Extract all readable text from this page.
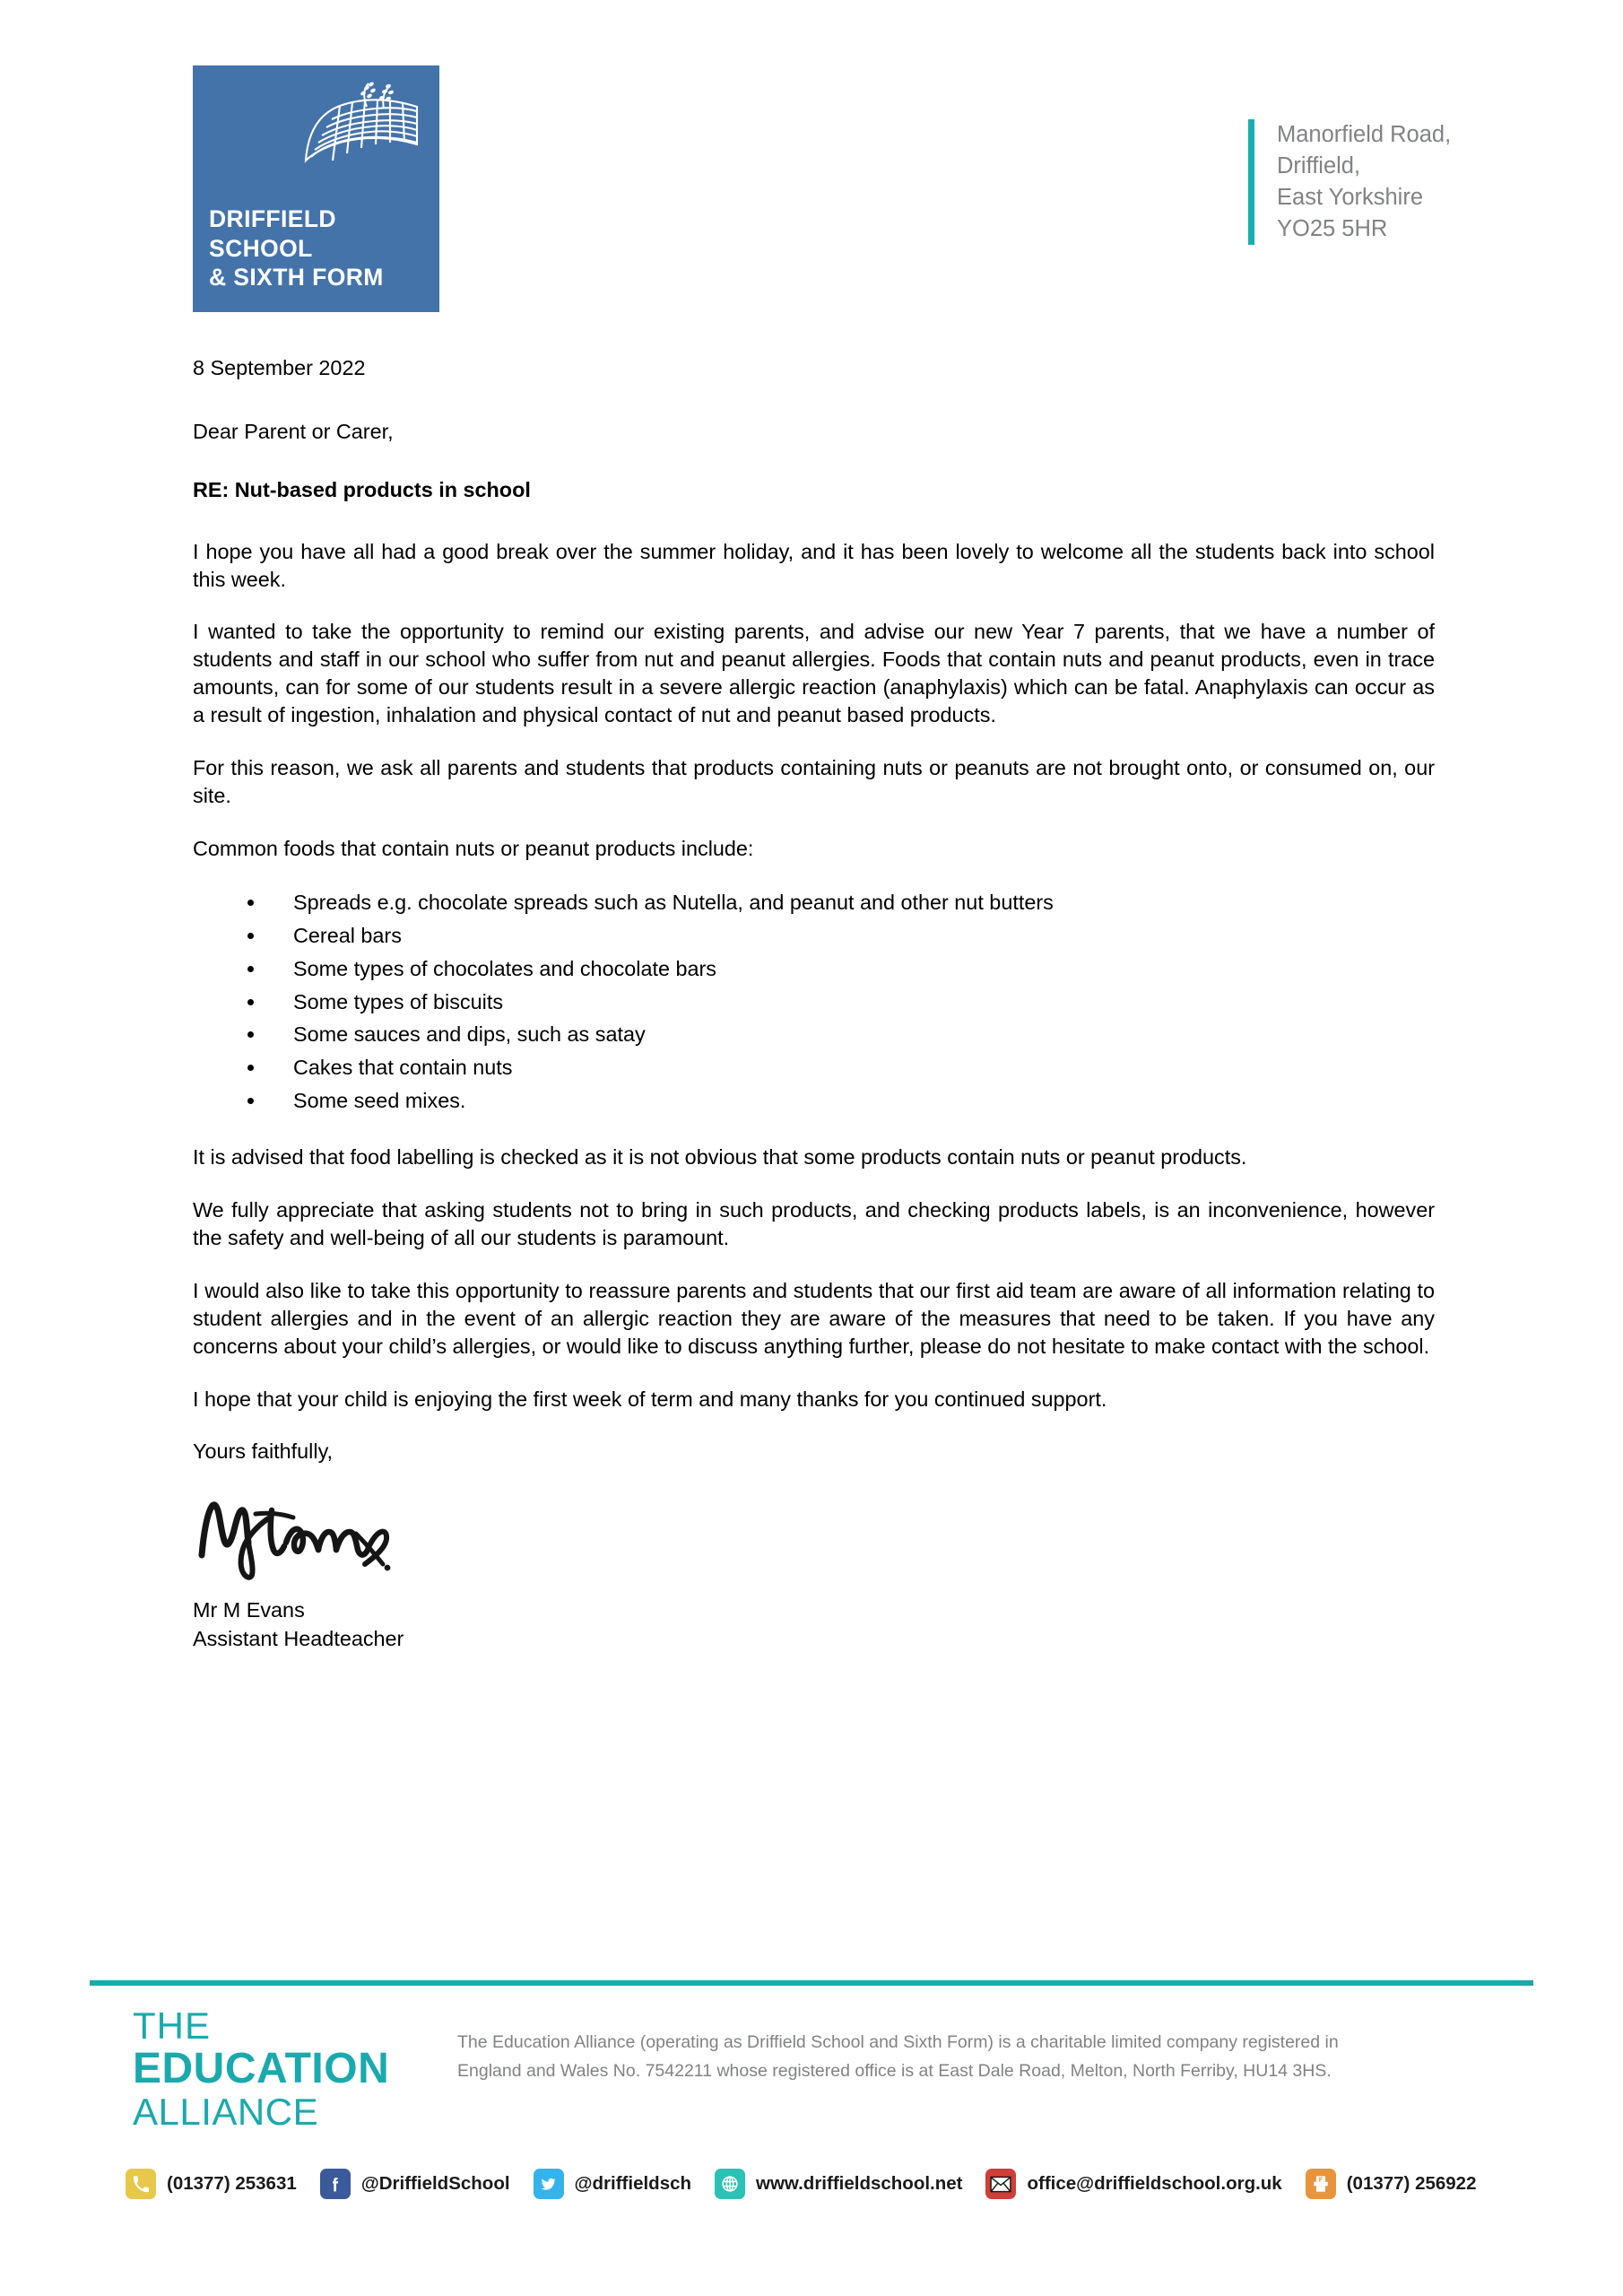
DRIFFIELD
SCHOOL
& SIXTH FORM
Manorfield Road,
Driffield,
East Yorkshire
YO25 5HR

8 September 2022

Dear Parent or Carer,

RE: Nut-based products in school

I hope you have all had a good break over the summer holiday, and it has been lovely to welcome all the students back into school this week.

I wanted to take the opportunity to remind our existing parents, and advise our new Year 7 parents, that we have a number of students and staff in our school who suffer from nut and peanut allergies. Foods that contain nuts and peanut products, even in trace amounts, can for some of our students result in a severe allergic reaction (anaphylaxis) which can be fatal. Anaphylaxis can occur as a result of ingestion, inhalation and physical contact of nut and peanut based products.

For this reason, we ask all parents and students that products containing nuts or peanuts are not brought onto, or consumed on, our site.

Common foods that contain nuts or peanut products include:

Spreads e.g. chocolate spreads such as Nutella, and peanut and other nut butters
Cereal bars
Some types of chocolates and chocolate bars
Some types of biscuits
Some sauces and dips, such as satay
Cakes that contain nuts
Some seed mixes.

It is advised that food labelling is checked as it is not obvious that some products contain nuts or peanut products.

We fully appreciate that asking students not to bring in such products, and checking products labels, is an inconvenience, however the safety and well-being of all our students is paramount.

I would also like to take this opportunity to reassure parents and students that our first aid team are aware of all information relating to student allergies and in the event of an allergic reaction they are aware of the measures that need to be taken. If you have any concerns about your child’s allergies, or would like to discuss anything further, please do not hesitate to make contact with the school.

I hope that your child is enjoying the first week of term and many thanks for you continued support.

Yours faithfully,

Mr M Evans
Assistant Headteacher
THE
EDUCATION
ALLIANCE
The Education Alliance (operating as Driffield School and Sixth Form) is a charitable limited company registered in
England and Wales No. 7542211 whose registered office is at East Dale Road, Melton, North Ferriby, HU14 3HS.
(01377) 253631	@DriffieldSchool	@driffieldsch	www.driffieldschool.net	office@driffieldschool.org.uk	F (01377) 256922
